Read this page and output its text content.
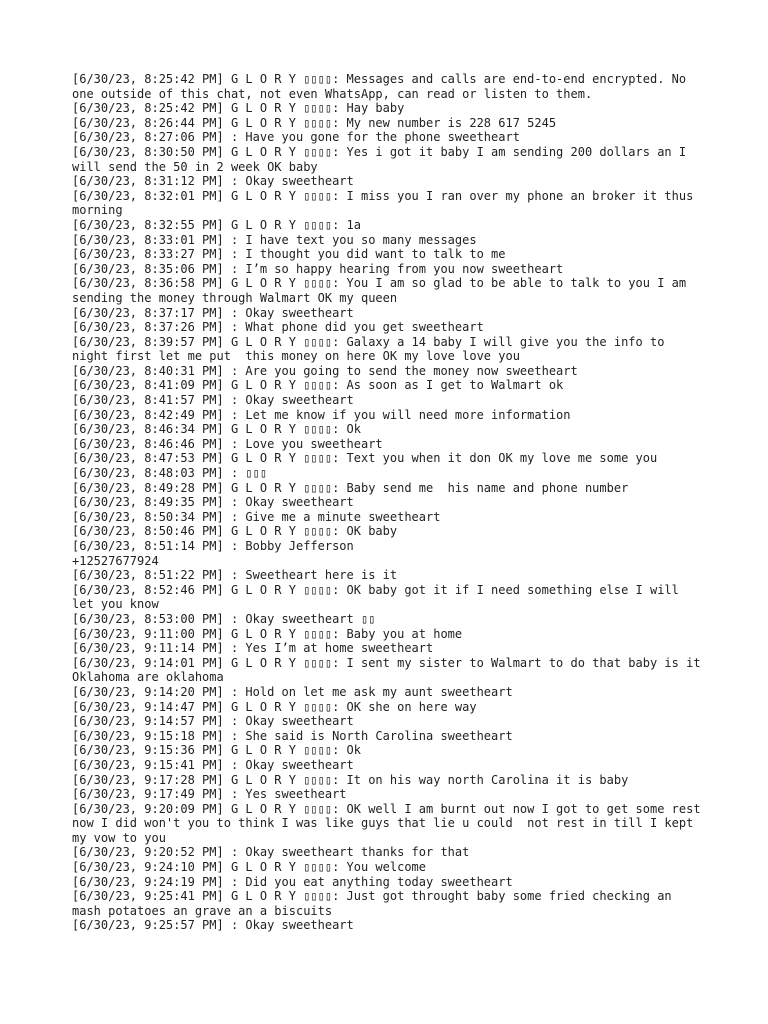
[6/30/23, 8:25:42 PM] G L O R Y ▯▯▯▯: Messages and calls are end-to-end encrypted. No one outside of this chat, not even WhatsApp, can read or listen to them.
[6/30/23, 8:25:42 PM] G L O R Y ▯▯▯▯: Hay baby
[6/30/23, 8:26:44 PM] G L O R Y ▯▯▯▯: My new number is 228 617 5245
[6/30/23, 8:27:06 PM] : Have you gone for the phone sweetheart
[6/30/23, 8:30:50 PM] G L O R Y ▯▯▯▯: Yes i got it baby I am sending 200 dollars an I will send the 50 in 2 week OK baby
[6/30/23, 8:31:12 PM] : Okay sweetheart
[6/30/23, 8:32:01 PM] G L O R Y ▯▯▯▯: I miss you I ran over my phone an broker it thus morning
[6/30/23, 8:32:55 PM] G L O R Y ▯▯▯▯: 1a
[6/30/23, 8:33:01 PM] : I have text you so many messages
[6/30/23, 8:33:27 PM] : I thought you did want to talk to me
[6/30/23, 8:35:06 PM] : I’m so happy hearing from you now sweetheart
[6/30/23, 8:36:58 PM] G L O R Y ▯▯▯▯: You I am so glad to be able to talk to you I am sending the money through Walmart OK my queen
[6/30/23, 8:37:17 PM] : Okay sweetheart
[6/30/23, 8:37:26 PM] : What phone did you get sweetheart
[6/30/23, 8:39:57 PM] G L O R Y ▯▯▯▯: Galaxy a 14 baby I will give you the info to night first let me put  this money on here OK my love love you
[6/30/23, 8:40:31 PM] : Are you going to send the money now sweetheart
[6/30/23, 8:41:09 PM] G L O R Y ▯▯▯▯: As soon as I get to Walmart ok
[6/30/23, 8:41:57 PM] : Okay sweetheart
[6/30/23, 8:42:49 PM] : Let me know if you will need more information
[6/30/23, 8:46:34 PM] G L O R Y ▯▯▯▯: Ok
[6/30/23, 8:46:46 PM] : Love you sweetheart
[6/30/23, 8:47:53 PM] G L O R Y ▯▯▯▯: Text you when it don OK my love me some you
[6/30/23, 8:48:03 PM] : ▯▯▯
[6/30/23, 8:49:28 PM] G L O R Y ▯▯▯▯: Baby send me  his name and phone number
[6/30/23, 8:49:35 PM] : Okay sweetheart
[6/30/23, 8:50:34 PM] : Give me a minute sweetheart
[6/30/23, 8:50:46 PM] G L O R Y ▯▯▯▯: OK baby
[6/30/23, 8:51:14 PM] : Bobby Jefferson
+12527677924
[6/30/23, 8:51:22 PM] : Sweetheart here is it
[6/30/23, 8:52:46 PM] G L O R Y ▯▯▯▯: OK baby got it if I need something else I will let you know
[6/30/23, 8:53:00 PM] : Okay sweetheart ▯▯
[6/30/23, 9:11:00 PM] G L O R Y ▯▯▯▯: Baby you at home
[6/30/23, 9:11:14 PM] : Yes I’m at home sweetheart
[6/30/23, 9:14:01 PM] G L O R Y ▯▯▯▯: I sent my sister to Walmart to do that baby is it Oklahoma are oklahoma
[6/30/23, 9:14:20 PM] : Hold on let me ask my aunt sweetheart
[6/30/23, 9:14:47 PM] G L O R Y ▯▯▯▯: OK she on here way
[6/30/23, 9:14:57 PM] : Okay sweetheart
[6/30/23, 9:15:18 PM] : She said is North Carolina sweetheart
[6/30/23, 9:15:36 PM] G L O R Y ▯▯▯▯: Ok
[6/30/23, 9:15:41 PM] : Okay sweetheart
[6/30/23, 9:17:28 PM] G L O R Y ▯▯▯▯: It on his way north Carolina it is baby
[6/30/23, 9:17:49 PM] : Yes sweetheart
[6/30/23, 9:20:09 PM] G L O R Y ▯▯▯▯: OK well I am burnt out now I got to get some rest now I did won't you to think I was like guys that lie u could  not rest in till I kept my vow to you
[6/30/23, 9:20:52 PM] : Okay sweetheart thanks for that
[6/30/23, 9:24:10 PM] G L O R Y ▯▯▯▯: You welcome
[6/30/23, 9:24:19 PM] : Did you eat anything today sweetheart
[6/30/23, 9:25:41 PM] G L O R Y ▯▯▯▯: Just got throught baby some fried checking an mash potatoes an grave an a biscuits
[6/30/23, 9:25:57 PM] : Okay sweetheart
